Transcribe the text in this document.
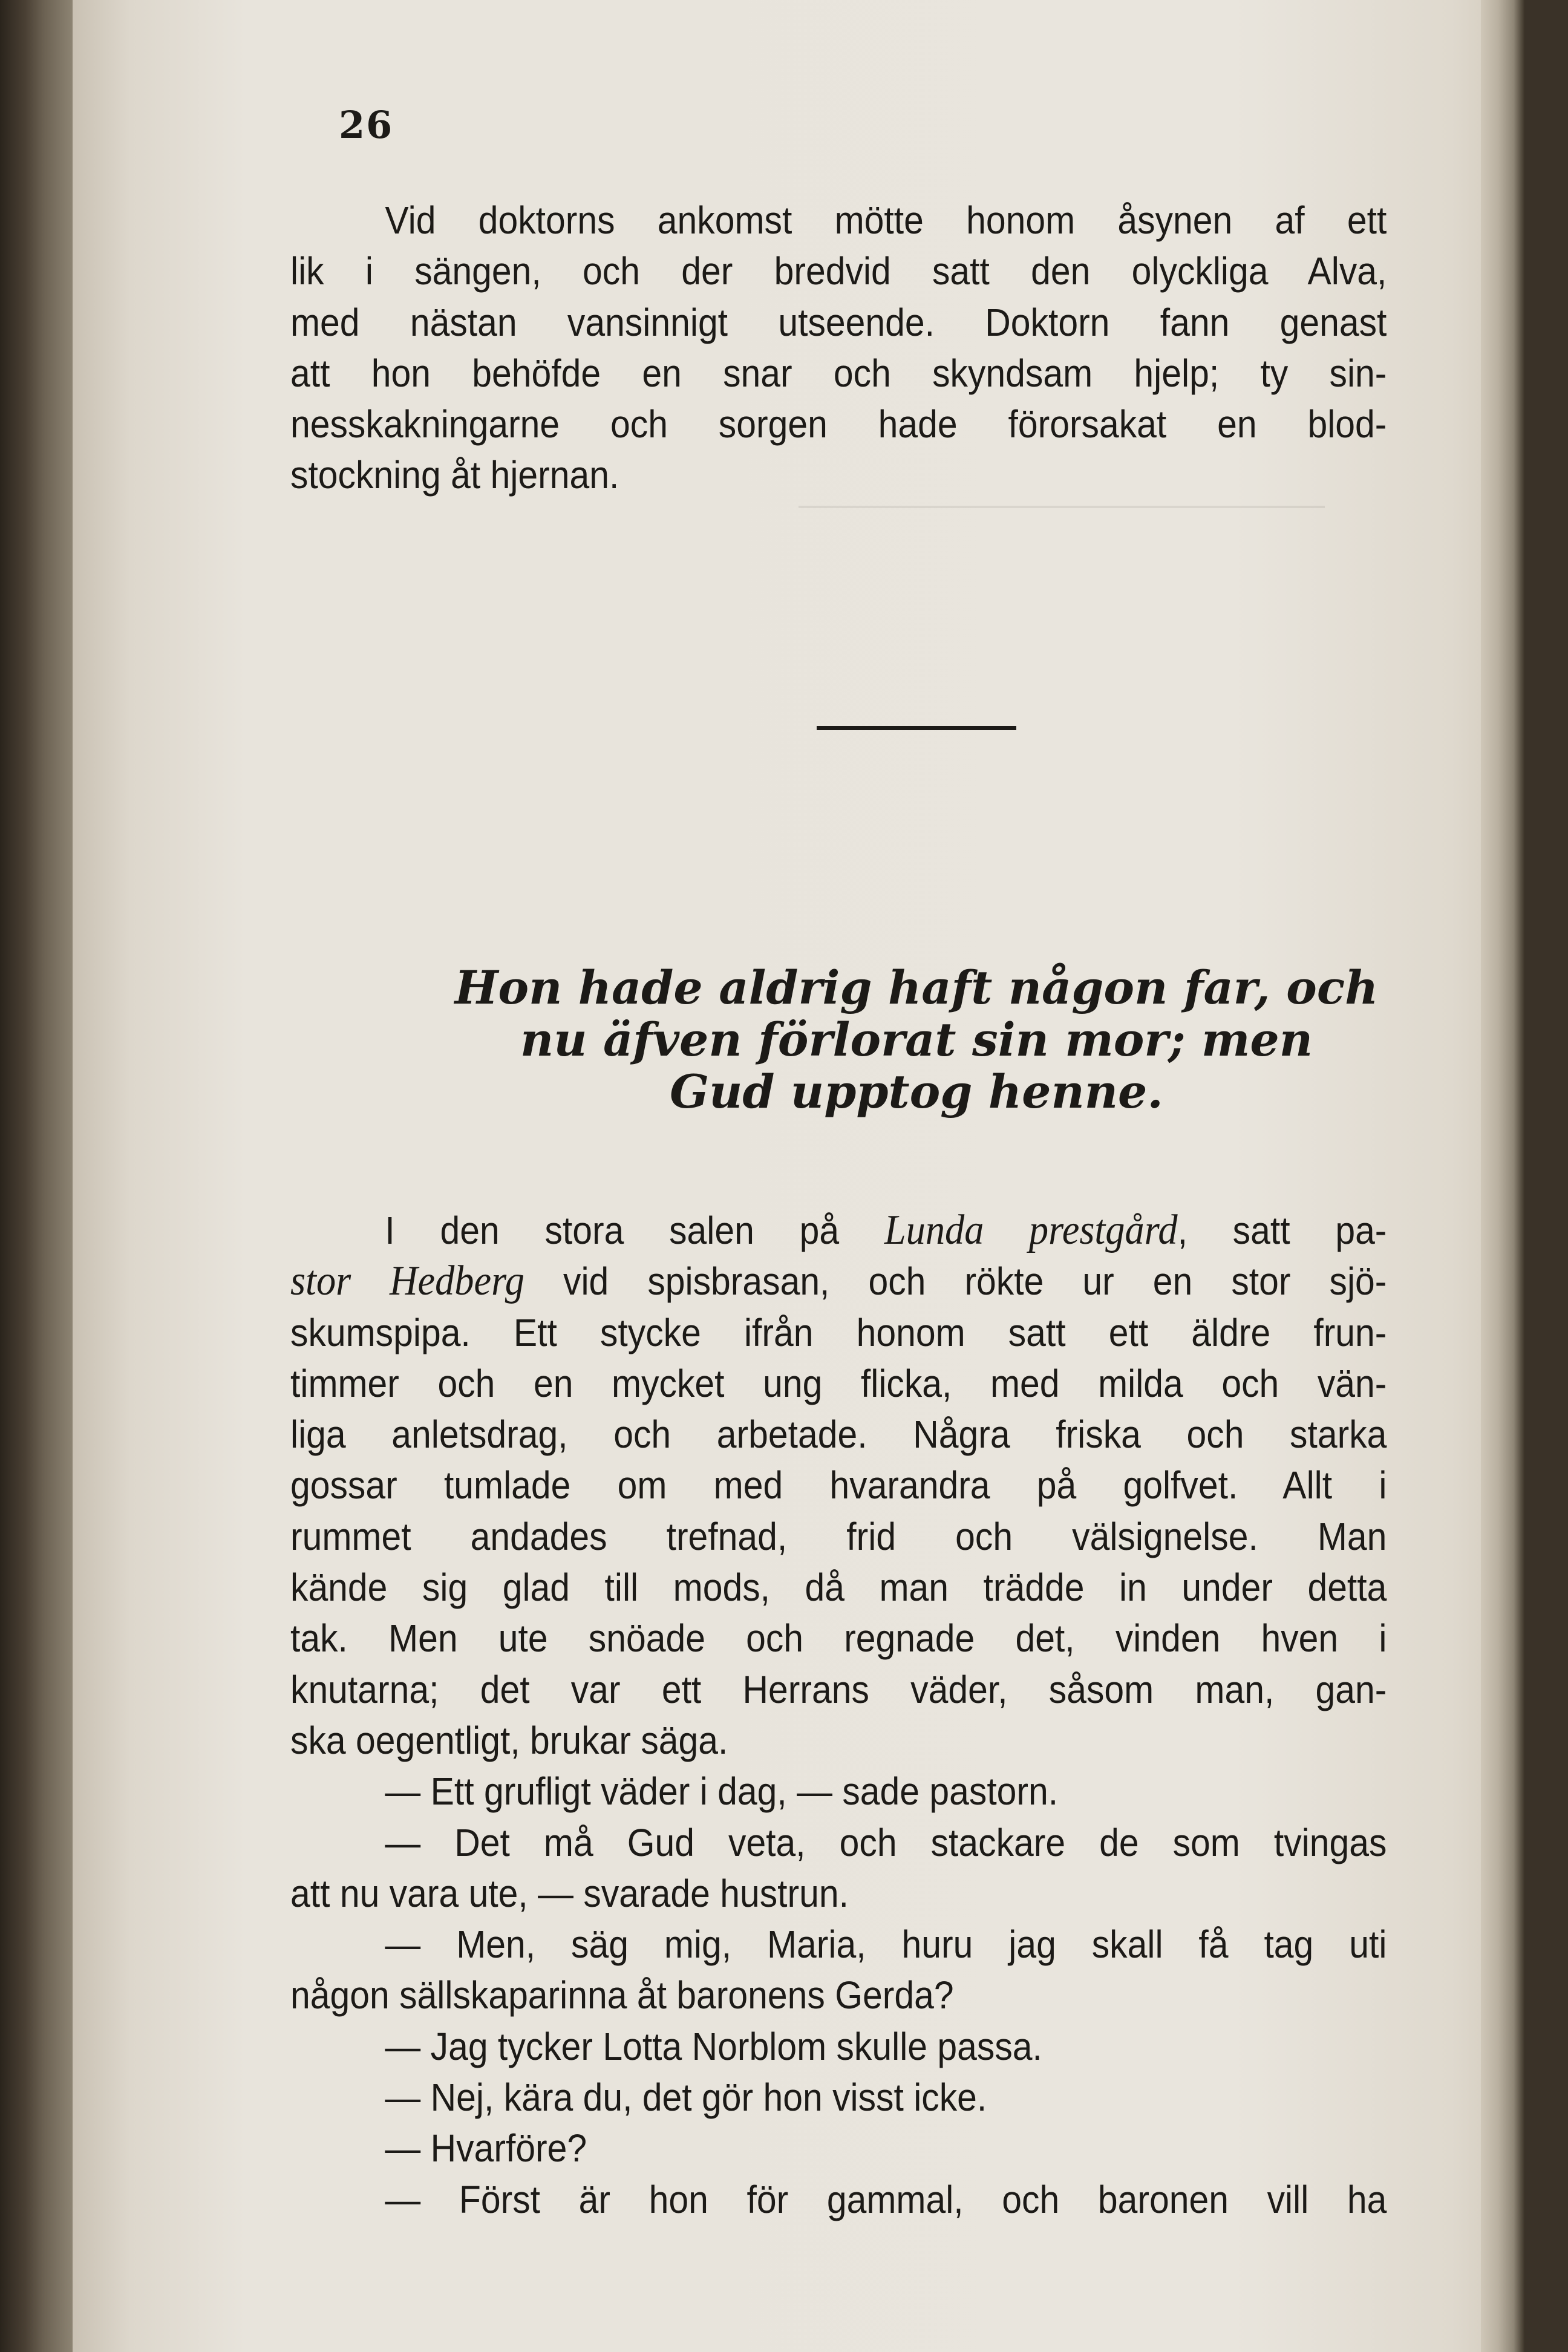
———————————————
26
Vid doktorns ankomst mötte honom åsynen af ett
lik i sängen, och der bredvid satt den olyckliga Alva,
med nästan vansinnigt utseende. Doktorn fann genast
att hon behöfde en snar och skyndsam hjelp; ty sin-
nesskakningarne och sorgen hade förorsakat en blod-
stockning åt hjernan.
Hon hade aldrig haft någon far, och
nu äfven förlorat sin mor; men
Gud upptog henne.
I den stora salen på Lunda prestgård, satt pa-
stor Hedberg vid spisbrasan, och rökte ur en stor sjö-
skumspipa. Ett stycke ifrån honom satt ett äldre frun-
timmer och en mycket ung flicka, med milda och vän-
liga anletsdrag, och arbetade. Några friska och starka
gossar tumlade om med hvarandra på golfvet. Allt i
rummet andades trefnad, frid och välsignelse. Man
kände sig glad till mods, då man trädde in under detta
tak. Men ute snöade och regnade det, vinden hven i
knutarna; det var ett Herrans väder, såsom man, gan-
ska oegentligt, brukar säga.
— Ett grufligt väder i dag, — sade pastorn.
— Det må Gud veta, och stackare de som tvingas
att nu vara ute, — svarade hustrun.
— Men, säg mig, Maria, huru jag skall få tag uti
någon sällskaparinna åt baronens Gerda?
— Jag tycker Lotta Norblom skulle passa.
— Nej, kära du, det gör hon visst icke.
— Hvarföre?
— Först är hon för gammal, och baronen vill ha
